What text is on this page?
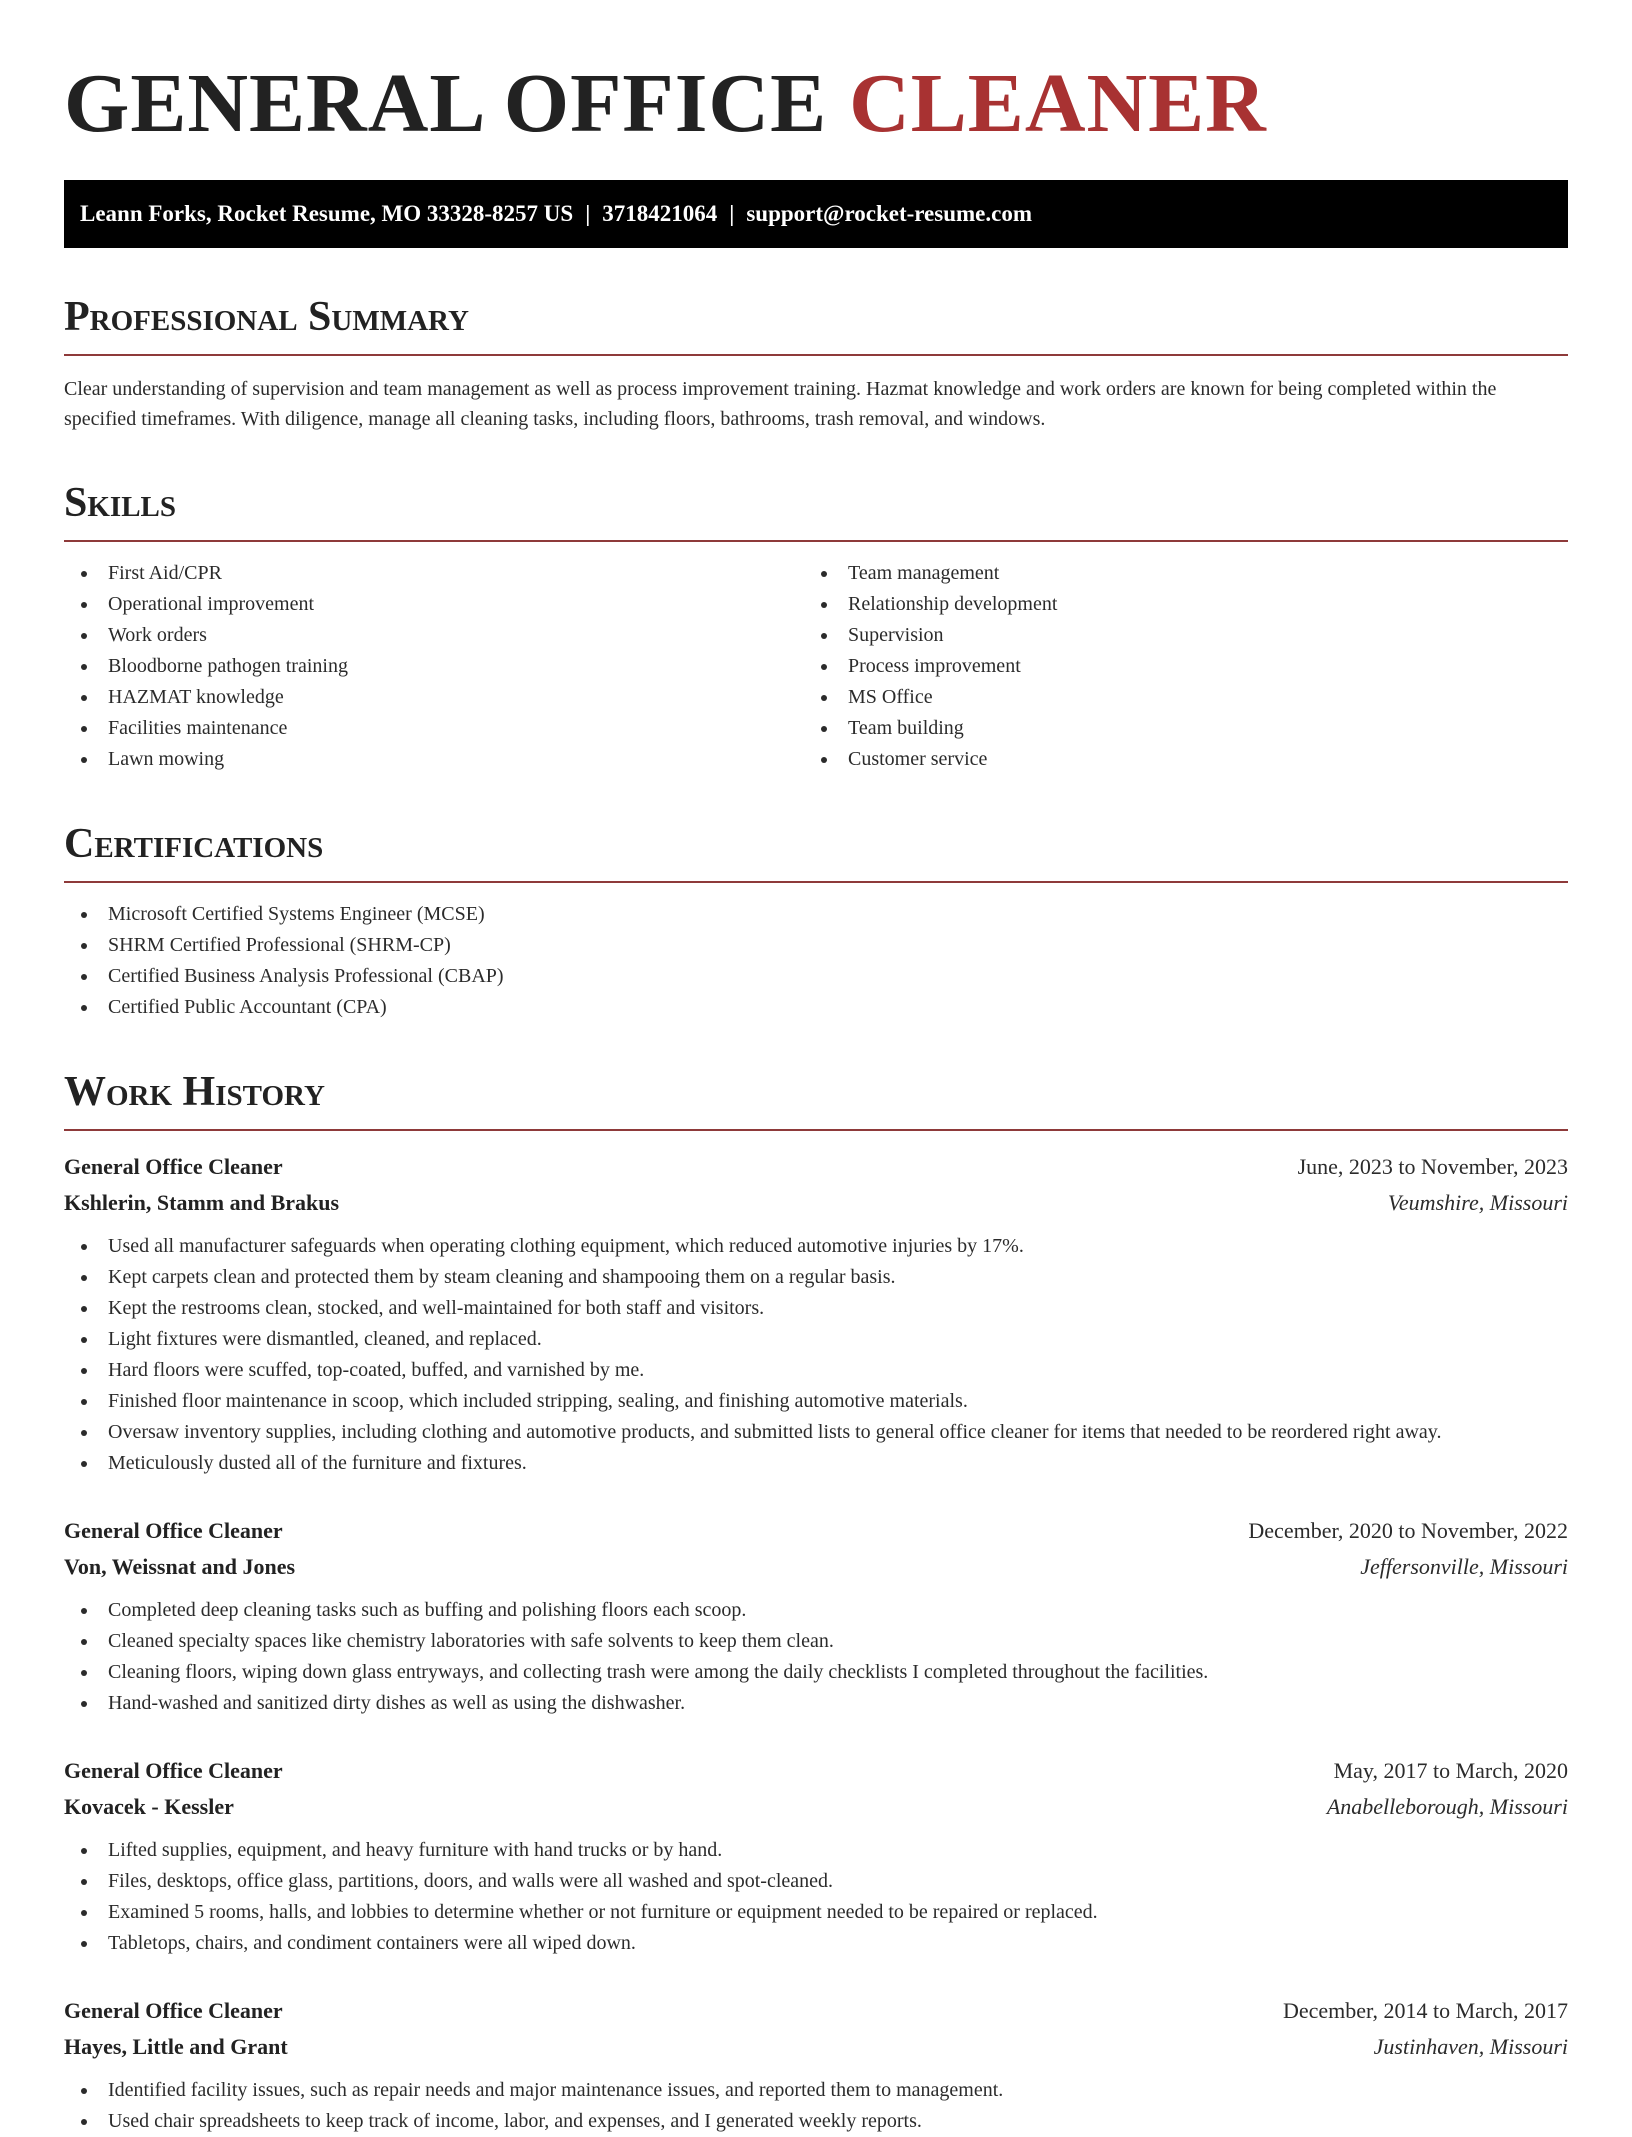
GENERAL OFFICE CLEANER
Leann Forks, Rocket Resume, MO 33328-8257 US | 3718421064 | support@rocket-resume.com
Professional Summary

Clear understanding of supervision and team management as well as process improvement training. Hazmat knowledge and work orders are known for being completed within the specified timeframes. With diligence, manage all cleaning tasks, including floors, bathrooms, trash removal, and windows.

Skills
First Aid/CPR
Operational improvement
Work orders
Bloodborne pathogen training
HAZMAT knowledge
Facilities maintenance
Lawn mowing
Team management
Relationship development
Supervision
Process improvement
MS Office
Team building
Customer service
Certifications
Microsoft Certified Systems Engineer (MCSE)
SHRM Certified Professional (SHRM-CP)
Certified Business Analysis Professional (CBAP)
Certified Public Accountant (CPA)
Work History
General Office Cleaner	June, 2023 to November, 2023
Kshlerin, Stamm and Brakus	Veumshire, Missouri
Used all manufacturer safeguards when operating clothing equipment, which reduced automotive injuries by 17%.
Kept carpets clean and protected them by steam cleaning and shampooing them on a regular basis.
Kept the restrooms clean, stocked, and well-maintained for both staff and visitors.
Light fixtures were dismantled, cleaned, and replaced.
Hard floors were scuffed, top-coated, buffed, and varnished by me.
Finished floor maintenance in scoop, which included stripping, sealing, and finishing automotive materials.
Oversaw inventory supplies, including clothing and automotive products, and submitted lists to general office cleaner for items that needed to be reordered right away.
Meticulously dusted all of the furniture and fixtures.
General Office Cleaner	December, 2020 to November, 2022
Von, Weissnat and Jones	Jeffersonville, Missouri
Completed deep cleaning tasks such as buffing and polishing floors each scoop.
Cleaned specialty spaces like chemistry laboratories with safe solvents to keep them clean.
Cleaning floors, wiping down glass entryways, and collecting trash were among the daily checklists I completed throughout the facilities.
Hand-washed and sanitized dirty dishes as well as using the dishwasher.
General Office Cleaner	May, 2017 to March, 2020
Kovacek - Kessler	Anabelleborough, Missouri
Lifted supplies, equipment, and heavy furniture with hand trucks or by hand.
Files, desktops, office glass, partitions, doors, and walls were all washed and spot-cleaned.
Examined 5 rooms, halls, and lobbies to determine whether or not furniture or equipment needed to be repaired or replaced.
Tabletops, chairs, and condiment containers were all wiped down.
General Office Cleaner	December, 2014 to March, 2017
Hayes, Little and Grant	Justinhaven, Missouri
Identified facility issues, such as repair needs and major maintenance issues, and reported them to management.
Used chair spreadsheets to keep track of income, labor, and expenses, and I generated weekly reports.
